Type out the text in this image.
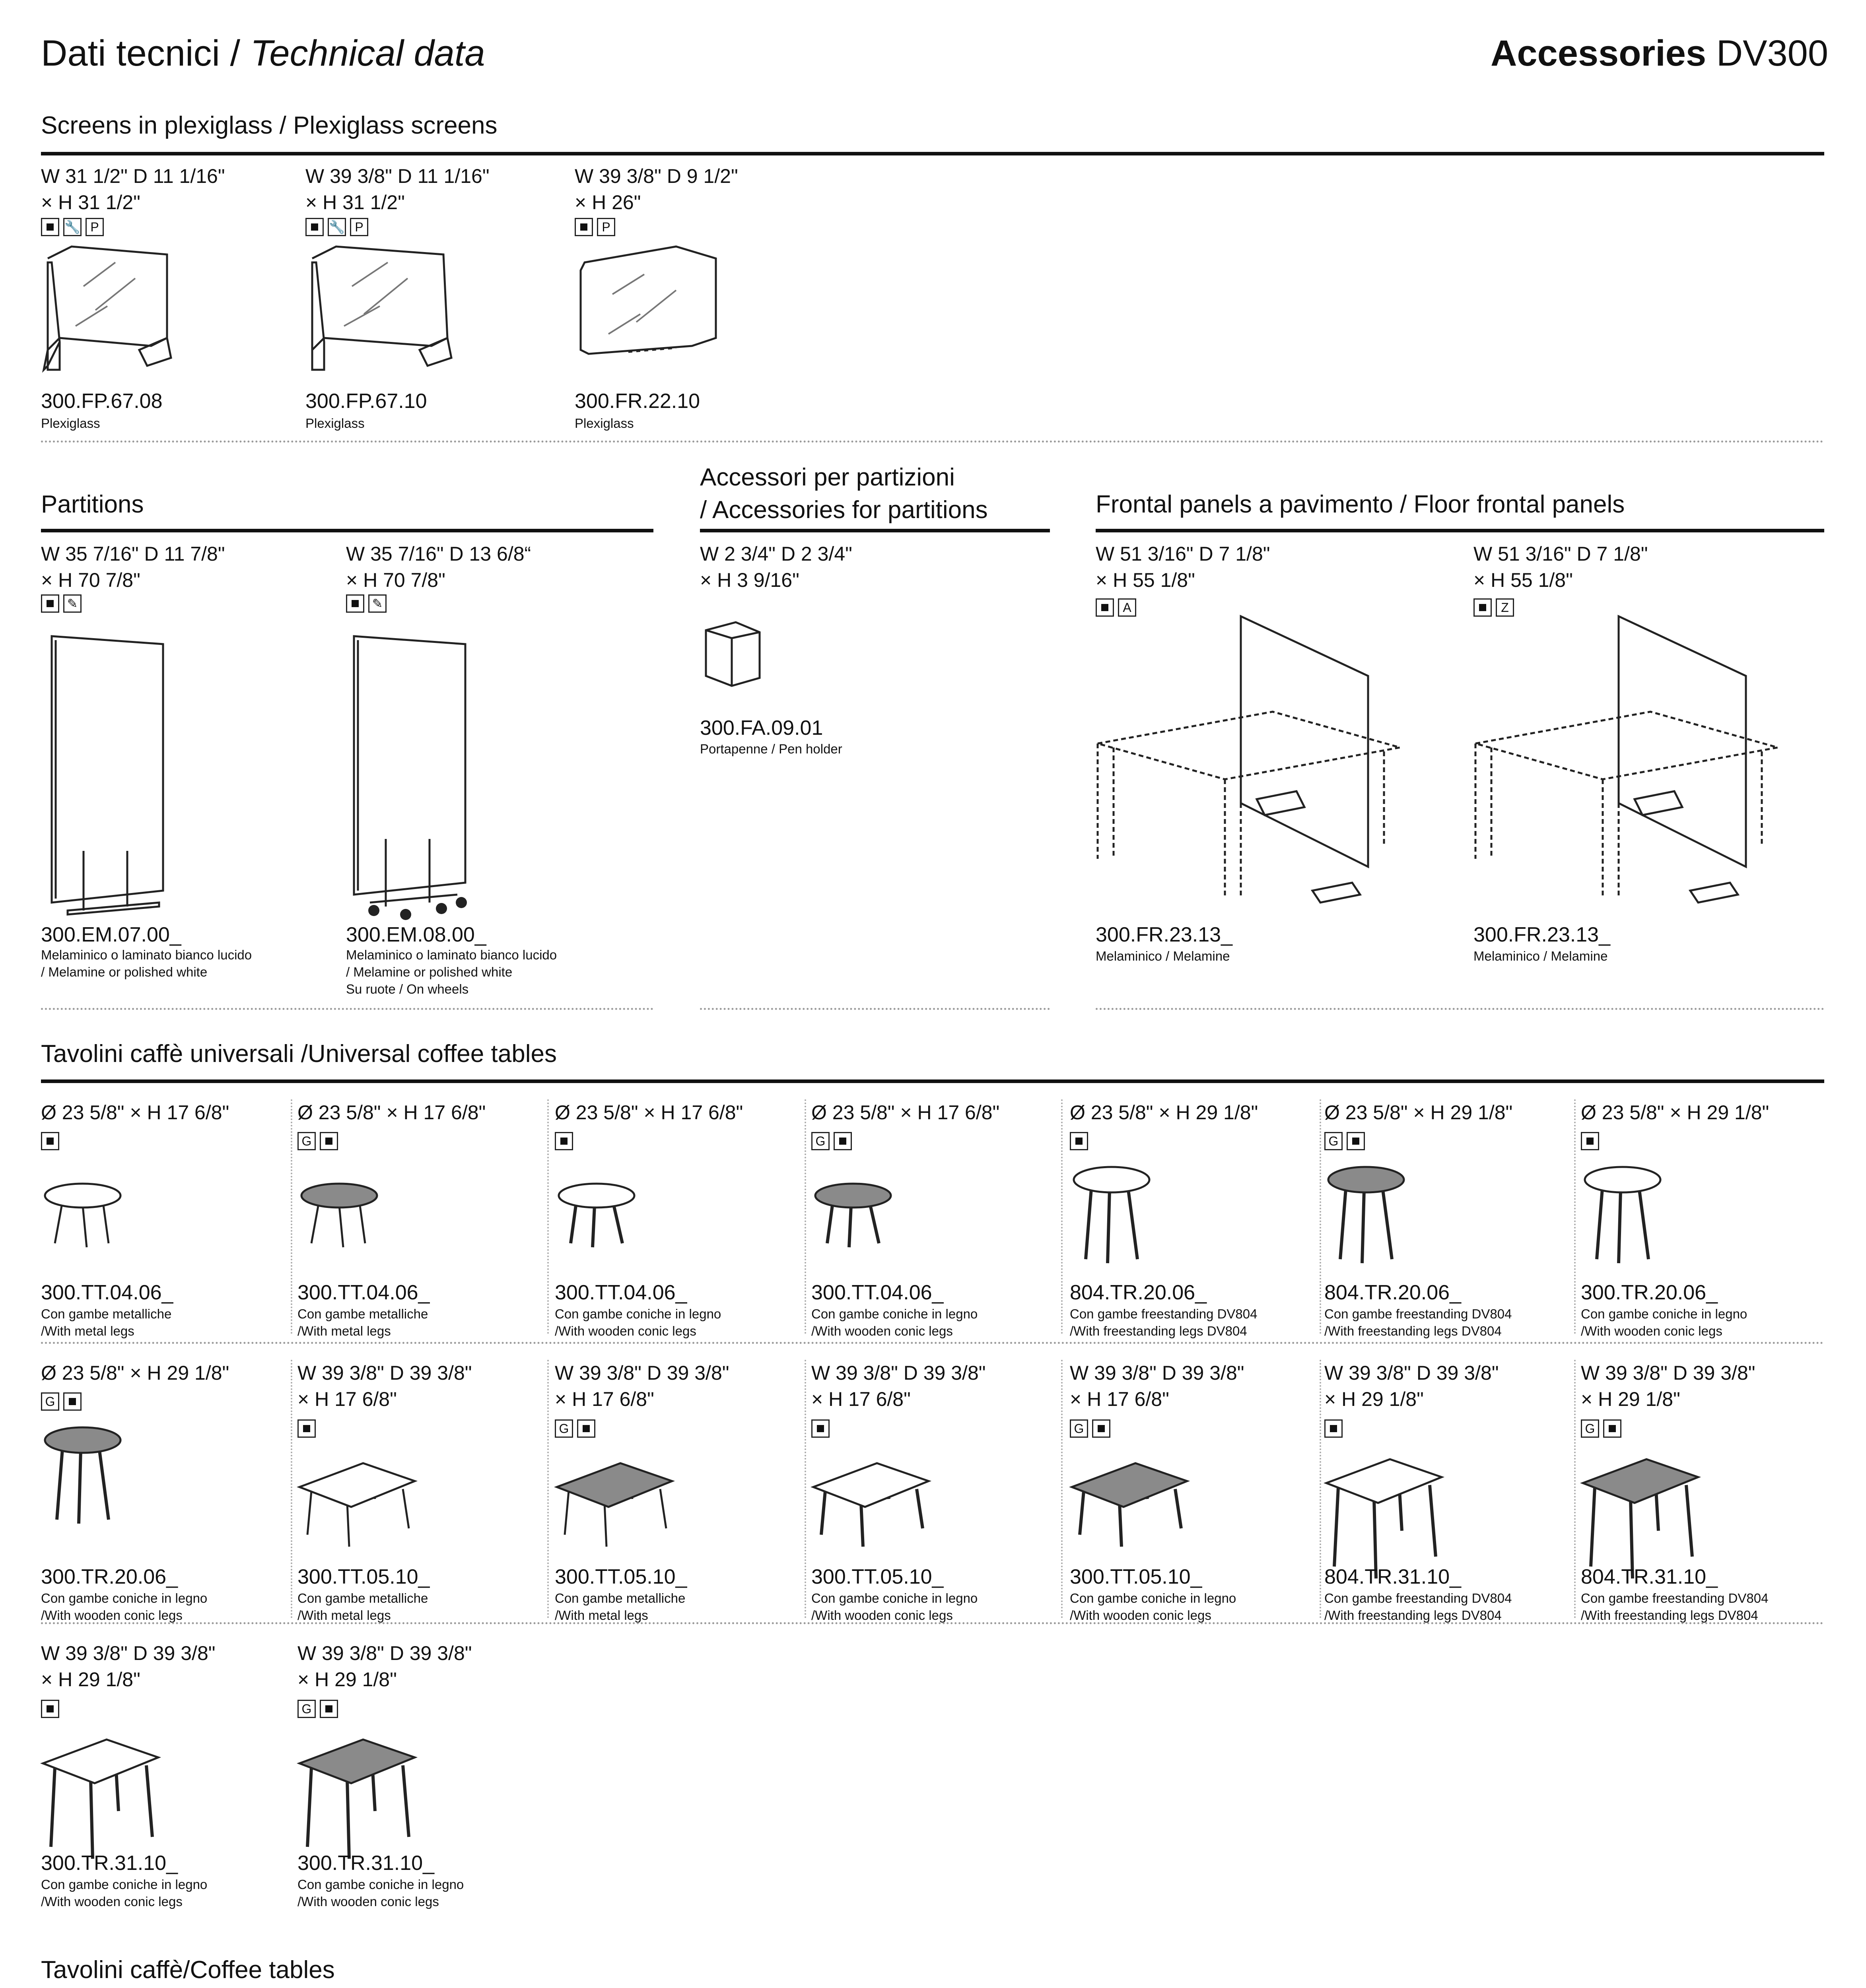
Dati tecnici / Technical data	Accessories DV300
Screens in plexiglass / Plexiglass screens
W 31 1/2" D 11 1/16"
× H 31 1/2"
🔧 P
300.FP.67.08
Plexiglass
W 39 3/8" D 11 1/16"
× H 31 1/2"
🔧 P
300.FP.67.10
Plexiglass
W 39 3/8" D 9 1/2"
× H 26"
P
300.FR.22.10
Plexiglass
Partitions
W 35 7/16" D 11 7/8"
× H 70 7/8"
✎
300.EM.07.00_
Melaminico o laminato bianco lucido
/ Melamine or polished white
W 35 7/16" D 13 6/8“
× H 70 7/8"
✎
300.EM.08.00_
Melaminico o laminato bianco lucido
/ Melamine or polished white
Su ruote / On wheels
Accessori per partizioni
/ Accessories for partitions
W 2 3/4" D 2 3/4"
× H 3 9/16"
300.FA.09.01
Portapenne / Pen holder
Frontal panels a pavimento / Floor frontal panels
W 51 3/16" D 7 1/8"
× H 55 1/8"
A
300.FR.23.13_
Melaminico / Melamine
W 51 3/16" D 7 1/8"
× H 55 1/8"
Z
300.FR.23.13_
Melaminico / Melamine
Tavolini caffè universali /Universal coffee tables
Ø 23 5/8" × H 17 6/8"
300.TT.04.06_
Con gambe metalliche
/With metal legs
Ø 23 5/8" × H 17 6/8"
G
300.TT.04.06_
Con gambe metalliche
/With metal legs
Ø 23 5/8" × H 17 6/8"
300.TT.04.06_
Con gambe coniche in legno
/With wooden conic legs
Ø 23 5/8" × H 17 6/8"
G
300.TT.04.06_
Con gambe coniche in legno
/With wooden conic legs
Ø 23 5/8" × H 29 1/8"
804.TR.20.06_
Con gambe freestanding DV804
/With freestanding legs DV804
Ø 23 5/8" × H 29 1/8"
G
804.TR.20.06_
Con gambe freestanding DV804
/With freestanding legs DV804
Ø 23 5/8" × H 29 1/8"
300.TR.20.06_
Con gambe coniche in legno
/With wooden conic legs
Ø 23 5/8" × H 29 1/8"
G
300.TR.20.06_
Con gambe coniche in legno
/With wooden conic legs
W 39 3/8" D 39 3/8"
× H 17 6/8"
300.TT.05.10_
Con gambe metalliche
/With metal legs
W 39 3/8" D 39 3/8"
× H 17 6/8"
G
300.TT.05.10_
Con gambe metalliche
/With metal legs
W 39 3/8" D 39 3/8"
× H 17 6/8"
300.TT.05.10_
Con gambe coniche in legno
/With wooden conic legs
W 39 3/8" D 39 3/8"
× H 17 6/8"
G
300.TT.05.10_
Con gambe coniche in legno
/With wooden conic legs
W 39 3/8" D 39 3/8"
× H 29 1/8"
804.TR.31.10_
Con gambe freestanding DV804
/With freestanding legs DV804
W 39 3/8" D 39 3/8"
× H 29 1/8"
G
804.TR.31.10_
Con gambe freestanding DV804
/With freestanding legs DV804
W 39 3/8" D 39 3/8"
× H 29 1/8"
300.TR.31.10_
Con gambe coniche in legno
/With wooden conic legs
W 39 3/8" D 39 3/8"
× H 29 1/8"
G
300.TR.31.10_
Con gambe coniche in legno
/With wooden conic legs
Tavolini caffè/Coffee tables
